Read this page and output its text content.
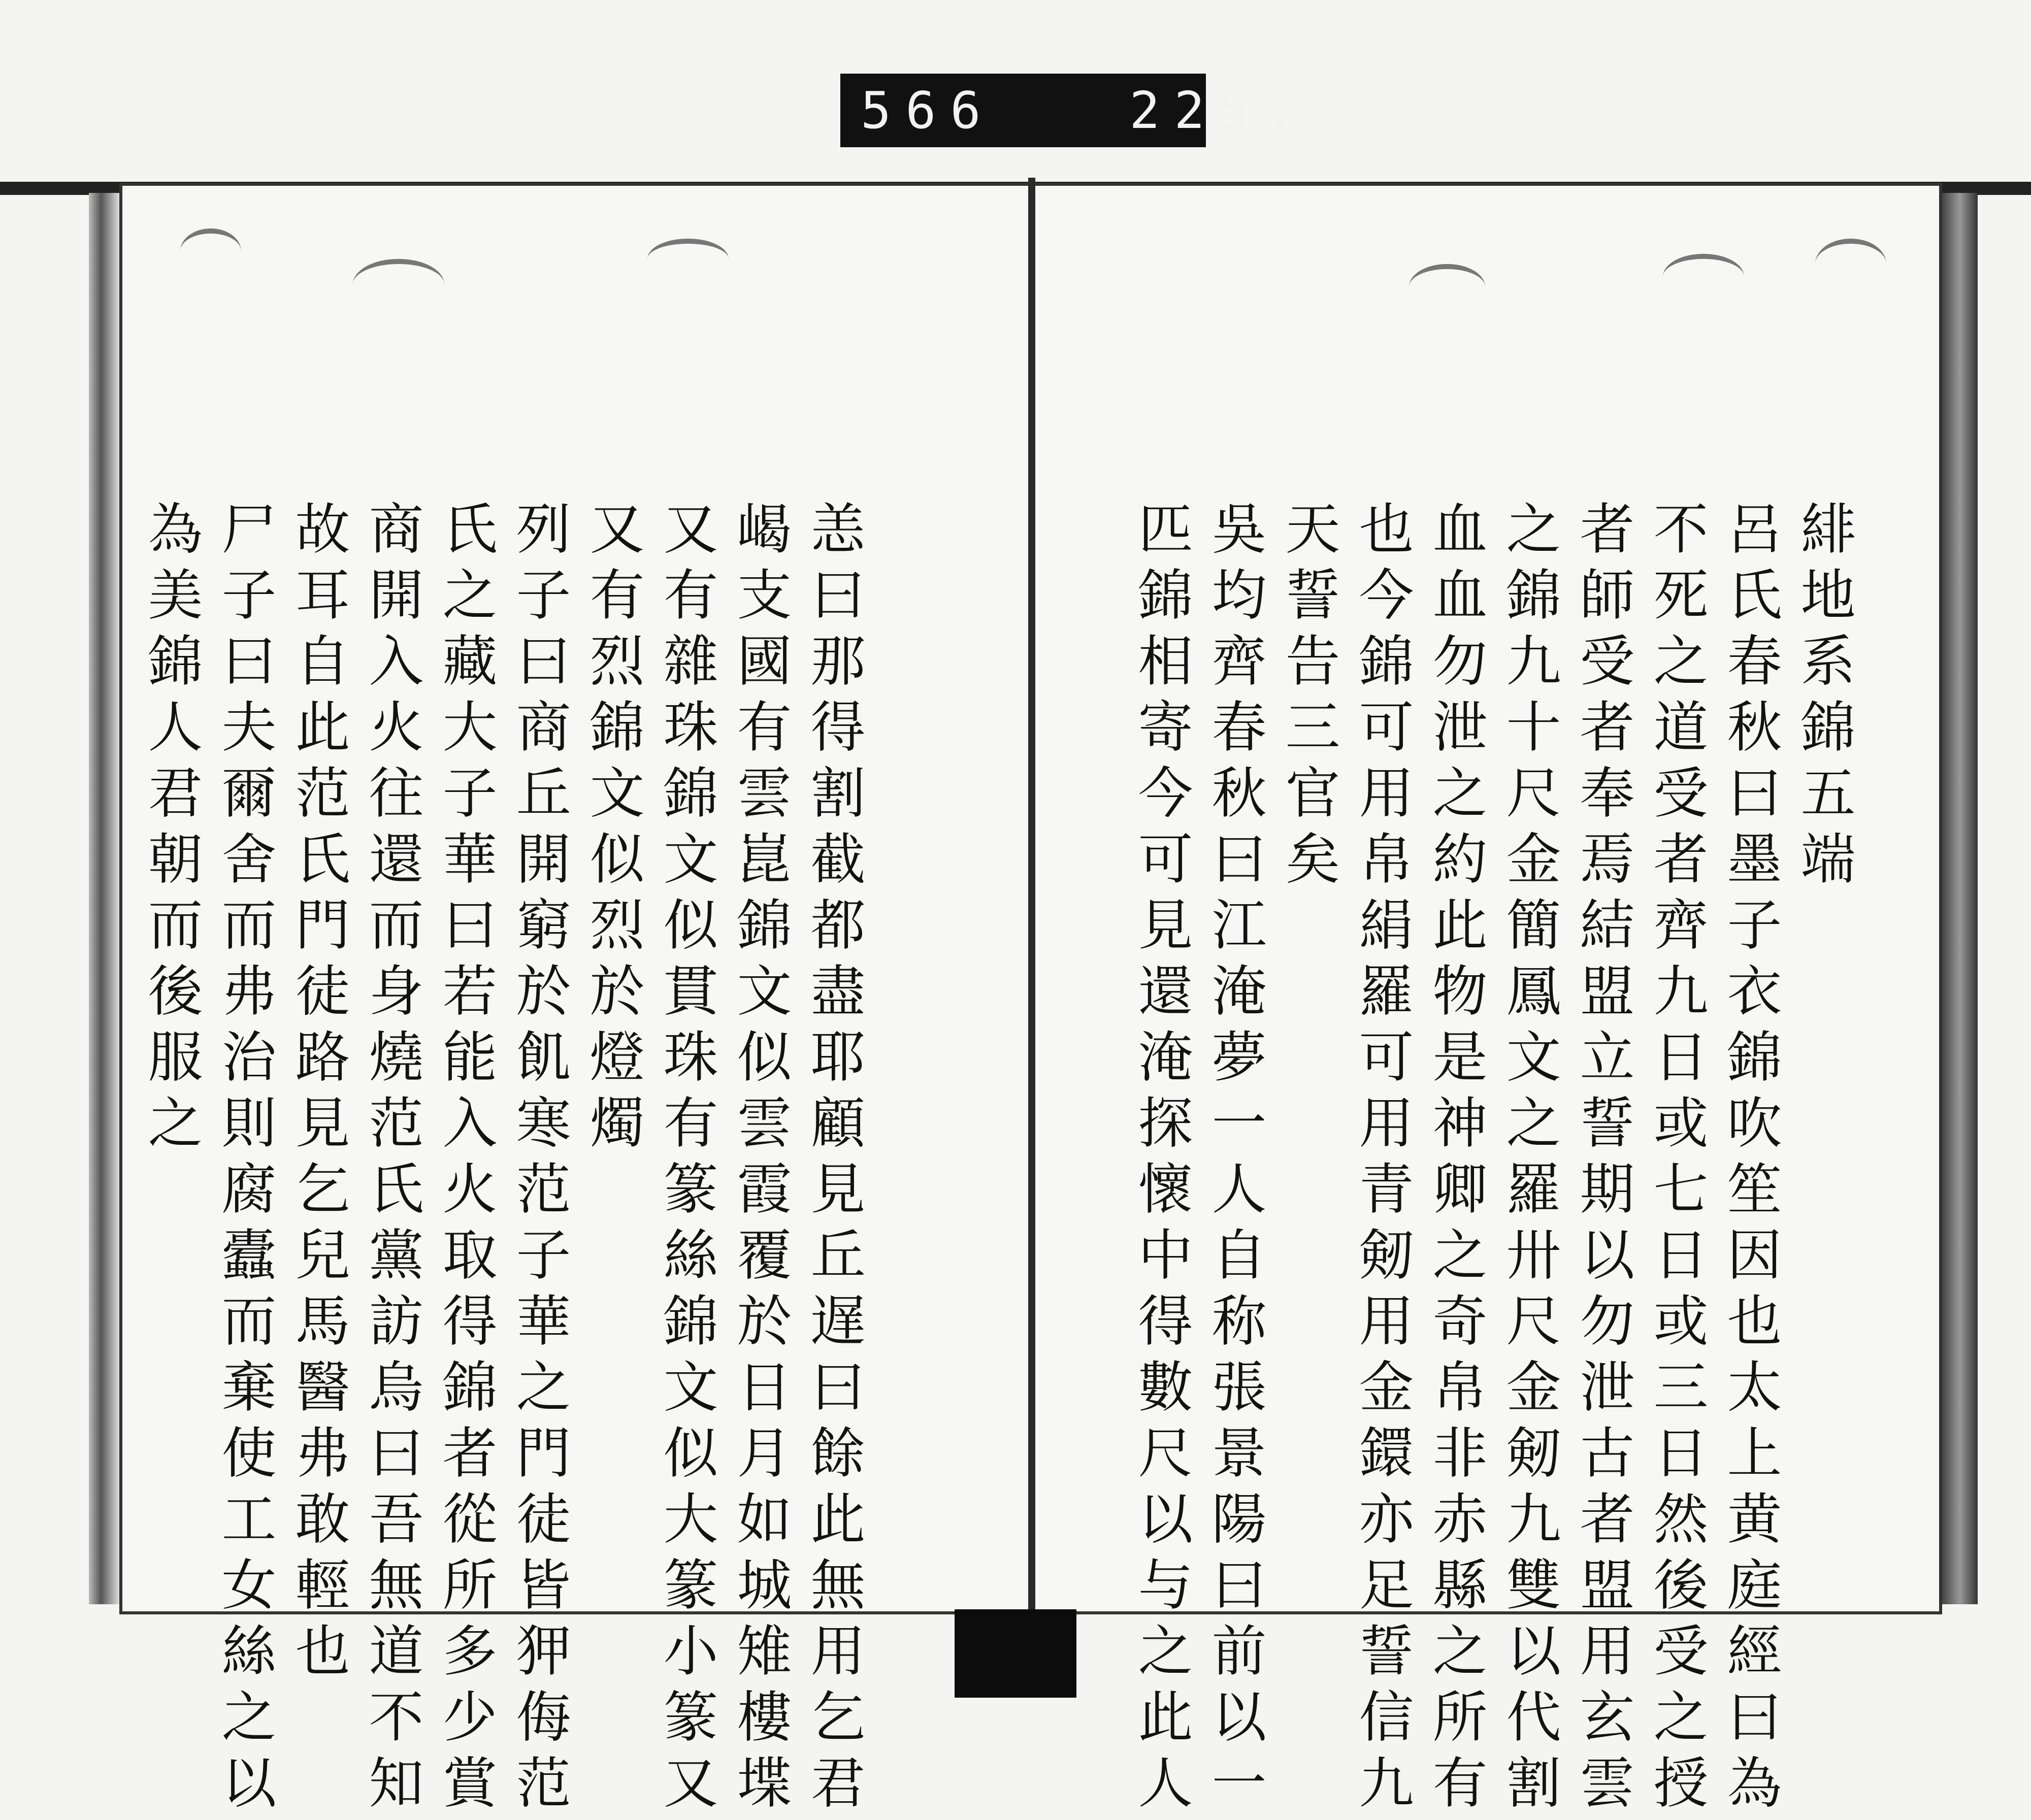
566   225.
緋地系錦五端
呂氏春秋曰墨子衣錦吹笙因也太上黄庭經曰為
不死之道受者齊九日或七日或三日然後受之授
者師受者奉焉結盟立誓期以勿泄古者盟用玄雲
之錦九十尺金簡鳳文之羅卅尺金剱九雙以代割
血血勿泄之約此物是神卿之奇帛非赤縣之所有
也今錦可用帛絹羅可用青剱用金鐶亦足誓信九
天誓告三官矣
吳均齊春秋曰江淹夢一人自称張景陽曰前以一
匹錦相寄今可見還淹探懷中得數尺以与之此人
恙曰那得割截都盡耶顧見丘遅曰餘此無用乞君
嵑支國有雲崑錦文似雲霞覆於日月如城雉樓堞
又有雜珠錦文似貫珠有篆絲錦文似大篆小篆又
又有烈錦文似烈於燈燭
列子曰商丘開窮於飢寒范子華之門徒皆狎侮范
氏之藏大子華曰若能入火取得錦者從所多少賞
商開入火往還而身燒范氏黨訪烏曰吾無道不知
故耳自此范氏門徒路見乞兒馬醫弗敢輕也
尸子曰夫爾舍而弗治則腐蠹而棄使工女絲之以
為美錦人君朝而後服之
